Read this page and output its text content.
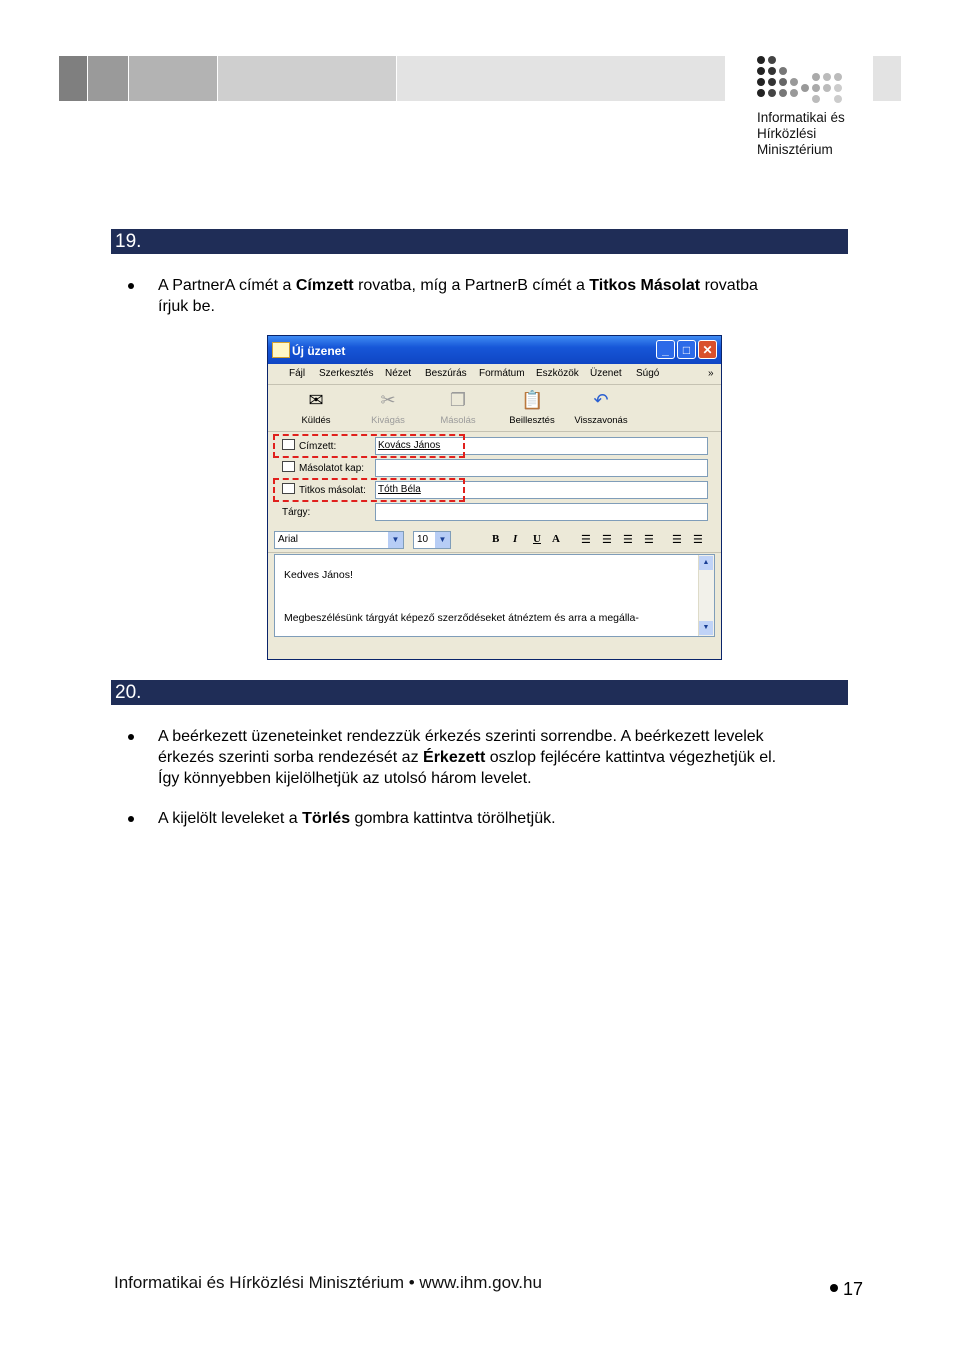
Informatikai és
Hírközlési
Minisztérium
19.
A PartnerA címét a Címzett rovatba, míg a PartnerB címét a Titkos Másolat rovatba
írjuk be.
Új üzenet	_	□	✕
Fájl Szerkesztés Nézet Beszúrás Formátum Eszközök Üzenet Súgó	»
✉
Küldés
✂
Kivágás
❐
Másolás
📋
Beillesztés
↶
Visszavonás
Címzett:	Kovács János
Másolatot kap:
Titkos másolat:	Tóth Béla
Tárgy:
Arial	▼	10	▼	B I U A ☰ ☰ ☰ ☰ ☰ ☰
Kedves János!
Megbeszélésünk tárgyát képező szerződéseket átnéztem és arra a megálla-
▲
▼
20.
A beérkezett üzeneteinket rendezzük érkezés szerinti sorrendbe. A beérkezett levelek
érkezés szerinti sorba rendezését az Érkezett oszlop fejlécére kattintva végezhetjük el.
Így könnyebben kijelölhetjük az utolsó három levelet.
A kijelölt leveleket a Törlés gombra kattintva törölhetjük.
Informatikai és Hírközlési Minisztérium • www.ihm.gov.hu	17
